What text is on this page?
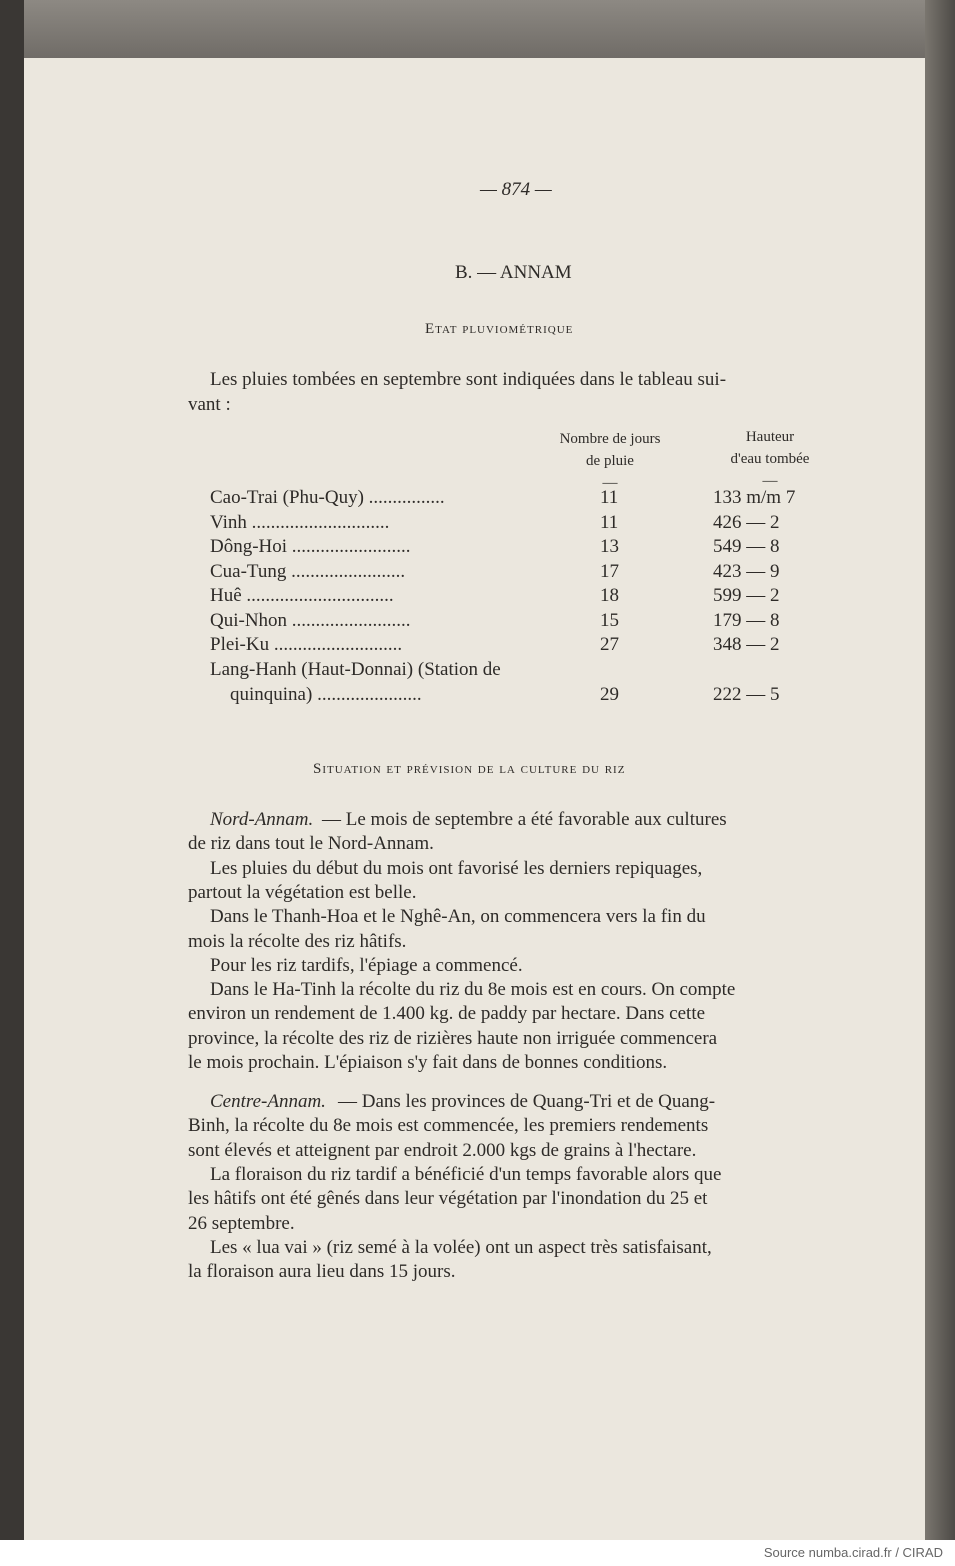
— 874 —
B. — ANNAM
Etat pluviométrique
Les pluies tombées en septembre sont indiquées dans le tableau sui-
vant :
Nombre de jours
de pluie
—
Hauteur
d'eau tombée
—
Cao-Trai (Phu-Quy) ................	11	133 m/m 7
Vinh .............................	11	426 — 2
Dông-Hoi .........................	13	549 — 8
Cua-Tung ........................	17	423 — 9
Huê ...............................	18	599 — 2
Qui-Nhon .........................	15	179 — 8
Plei-Ku ...........................	27	348 — 2
Lang-Hanh (Haut-Donnai) (Station de
quinquina) ......................	29	222 — 5
Situation et prévision de la culture du riz
Nord-Annam. — Le mois de septembre a été favorable aux cultures
de riz dans tout le Nord-Annam.
Les pluies du début du mois ont favorisé les derniers repiquages,
partout la végétation est belle.
Dans le Thanh-Hoa et le Nghê-An, on commencera vers la fin du
mois la récolte des riz hâtifs.
Pour les riz tardifs, l'épiage a commencé.
Dans le Ha-Tinh la récolte du riz du 8e mois est en cours. On compte
environ un rendement de 1.400 kg. de paddy par hectare. Dans cette
province, la récolte des riz de rizières haute non irriguée commencera
le mois prochain. L'épiaison s'y fait dans de bonnes conditions.
Centre-Annam. — Dans les provinces de Quang-Tri et de Quang-
Binh, la récolte du 8e mois est commencée, les premiers rendements
sont élevés et atteignent par endroit 2.000 kgs de grains à l'hectare.
La floraison du riz tardif a bénéficié d'un temps favorable alors que
les hâtifs ont été gênés dans leur végétation par l'inondation du 25 et
26 septembre.
Les « lua vai » (riz semé à la volée) ont un aspect très satisfaisant,
la floraison aura lieu dans 15 jours.
Source numba.cirad.fr / CIRAD
